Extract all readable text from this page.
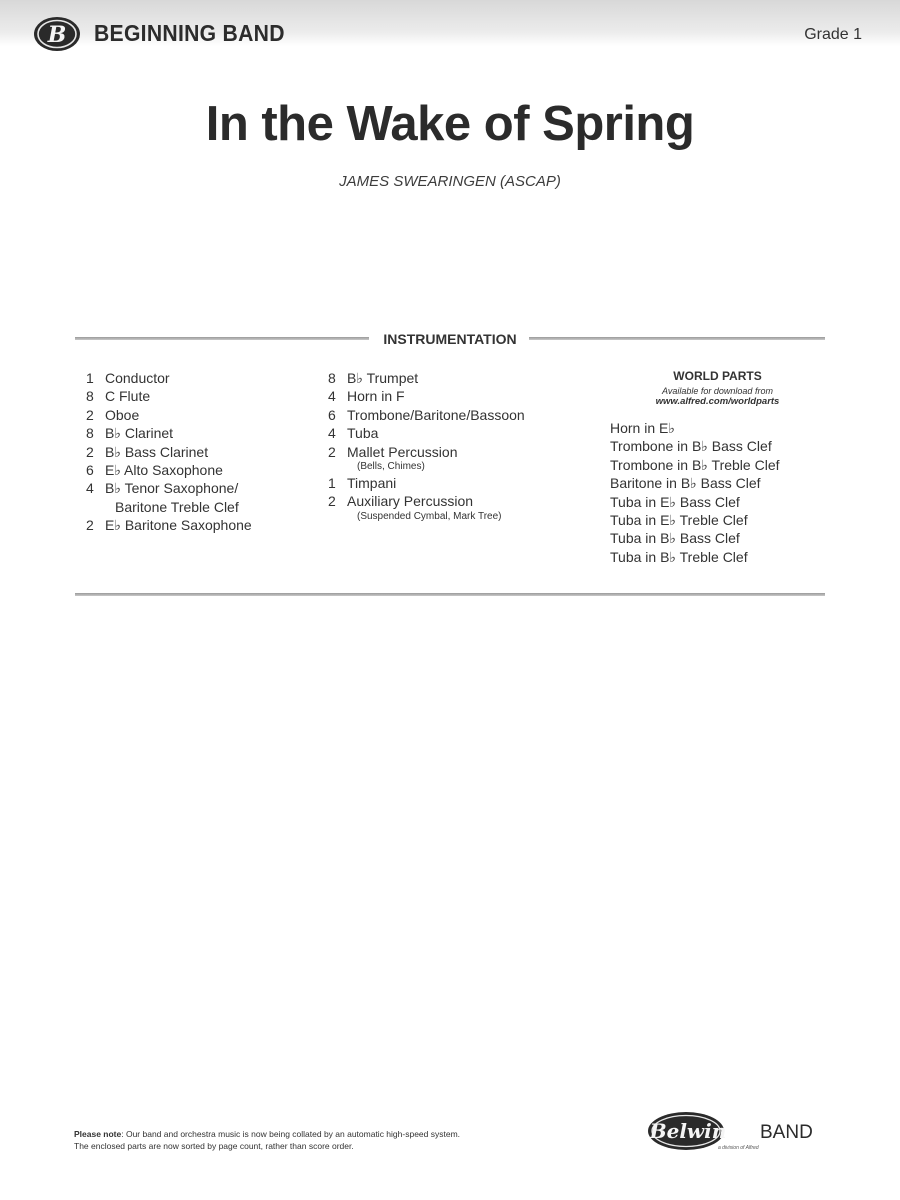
B BEGINNING BAND	Grade 1
In the Wake of Spring
JAMES SWEARINGEN (ASCAP)
INSTRUMENTATION
1 Conductor
8 C Flute
2 Oboe
8 B♭ Clarinet
2 B♭ Bass Clarinet
6 E♭ Alto Saxophone
4 B♭ Tenor Saxophone/
Baritone Treble Clef
2 E♭ Baritone Saxophone
8 B♭ Trumpet
4 Horn in F
6 Trombone/Baritone/Bassoon
4 Tuba
2 Mallet Percussion
(Bells, Chimes)
1 Timpani
2 Auxiliary Percussion
(Suspended Cymbal, Mark Tree)
WORLD PARTS
Available for download from
www.alfred.com/worldparts
Horn in E♭
Trombone in B♭ Bass Clef
Trombone in B♭ Treble Clef
Baritone in B♭ Bass Clef
Tuba in E♭ Bass Clef
Tuba in E♭ Treble Clef
Tuba in B♭ Bass Clef
Tuba in B♭ Treble Clef
Please note: Our band and orchestra music is now being collated by an automatic high-speed system.
The enclosed parts are now sorted by page count, rather than score order.
Belwin BAND
a division of Alfred
